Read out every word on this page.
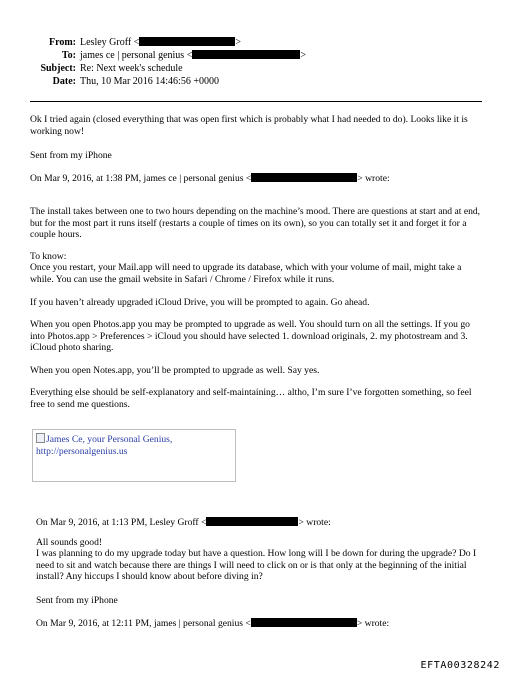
From: Lesley Groff <	>
To: james ce | personal genius <	>
Subject: Re: Next week's schedule
Date: Thu, 10 Mar 2016 14:46:56 +0000

Ok I tried again (closed everything that was open first which is probably what I had needed to do). Looks like it is working now!

Sent from my iPhone

On Mar 9, 2016, at 1:38 PM, james ce | personal genius <	> wrote:

The install takes between one to two hours depending on the machine’s mood. There are questions at start and at end, but for the most part it runs itself (restarts a couple of times on its own), so you can totally set it and forget it for a couple hours.

To know:

Once you restart, your Mail.app will need to upgrade its database, which with your volume of mail, might take a while. You can use the gmail website in Safari / Chrome / Firefox while it runs.

If you haven’t already upgraded iCloud Drive, you will be prompted to again. Go ahead.

When you open Photos.app you may be prompted to upgrade as well. You should turn on all the settings. If you go into Photos.app > Preferences > iCloud you should have selected 1. download originals, 2. my photostream and 3. iCloud photo sharing.

When you open Notes.app, you’ll be prompted to upgrade as well. Say yes.

Everything else should be self-explanatory and self-maintaining… altho, I’m sure I’ve forgotten something, so feel free to send me questions.

James Ce, your Personal Genius,
http://personalgenius.us

On Mar 9, 2016, at 1:13 PM, Lesley Groff <	> wrote:

All sounds good!

I was planning to do my upgrade today but have a question. How long will I be down for during the upgrade? Do I need to sit and watch because there are things I will need to click on or is that only at the beginning of the initial install? Any hiccups I should know about before diving in?

Sent from my iPhone

On Mar 9, 2016, at 12:11 PM, james | personal genius <	> wrote:

EFTA00328242
